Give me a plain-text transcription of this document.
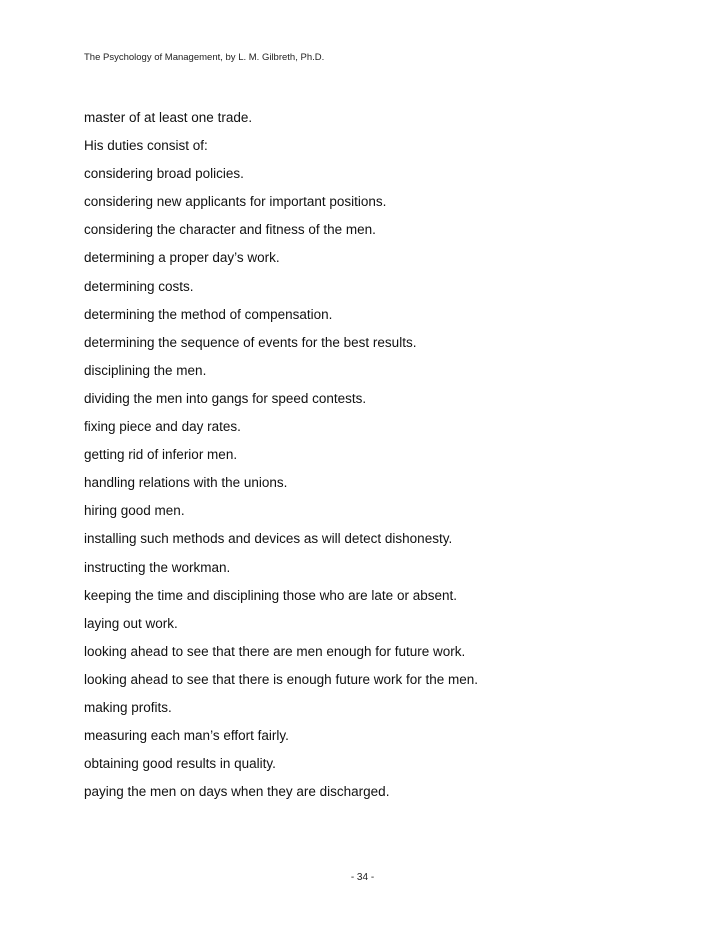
The Psychology of Management, by L. M. Gilbreth, Ph.D.
master of at least one trade.
His duties consist of:
considering broad policies.
considering new applicants for important positions.
considering the character and fitness of the men.
determining a proper day’s work.
determining costs.
determining the method of compensation.
determining the sequence of events for the best results.
disciplining the men.
dividing the men into gangs for speed contests.
fixing piece and day rates.
getting rid of inferior men.
handling relations with the unions.
hiring good men.
installing such methods and devices as will detect dishonesty.
instructing the workman.
keeping the time and disciplining those who are late or absent.
laying out work.
looking ahead to see that there are men enough for future work.
looking ahead to see that there is enough future work for the men.
making profits.
measuring each man’s effort fairly.
obtaining good results in quality.
paying the men on days when they are discharged.
- 34 -
